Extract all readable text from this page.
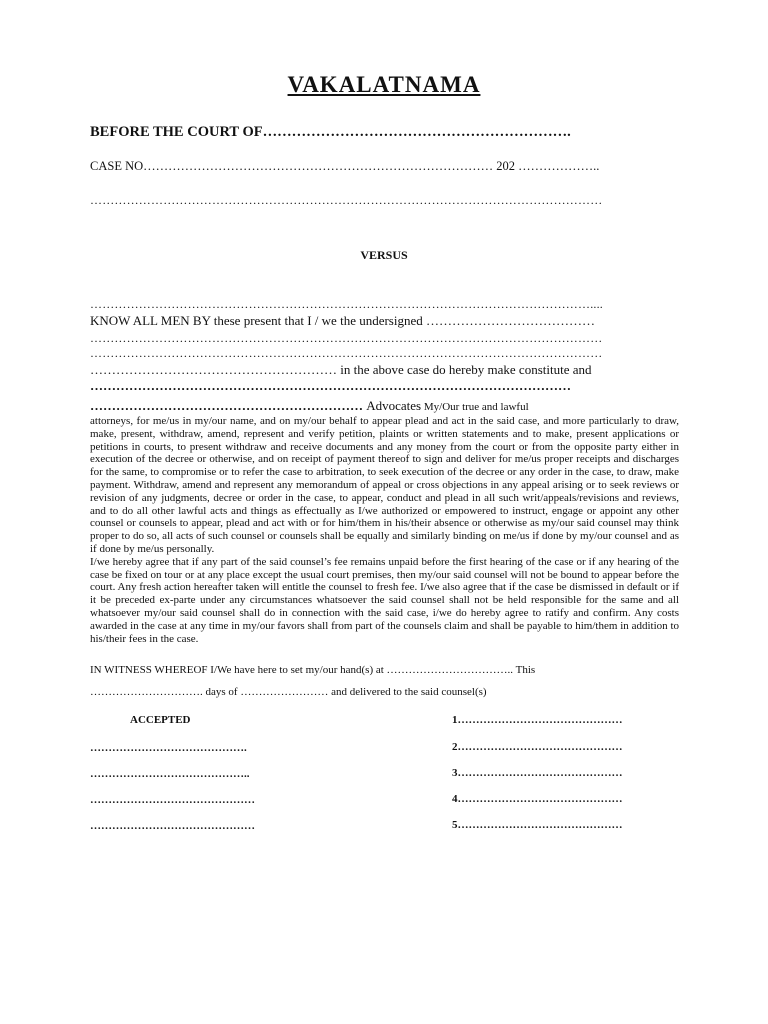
VAKALATNAMA
BEFORE THE COURT OF……………………………………………………….
CASE NO………………………………………………………………………… 202 ………………..
………………………………………………………………………………………………………………
VERSUS
……………………………………………………………………………………………………………....
KNOW ALL MEN BY these present that I / we the undersigned …………………………………
………………………………………………………………………………………………………………
………………………………………………………………………………………………………………
………………………………………………… in the above case do hereby make constitute and
…………………………………………………………………………………………………
……………………………………………………… Advocates My/Our true and lawful

attorneys, for me/us in my/our name, and on my/our behalf to appear plead and act in the said case, and more particularly to draw, make, present, withdraw, amend, represent and verify petition, plaints or written statements and to make, present applications or petitions in courts, to present withdraw and receive documents and any money from the court or from the opposite party either in execution of the decree or otherwise, and on receipt of payment thereof to sign and deliver for me/us proper receipts and discharges for the same, to compromise or to refer the case to arbitration, to seek execution of the decree or any order in the case, to draw, make payment. Withdraw, amend and represent any memorandum of appeal or cross objections in any appeal arising or to seek reviews or revision of any judgments, decree or order in the case, to appear, conduct and plead in all such writ/appeals/revisions and reviews, and to do all other lawful acts and things as effectually as I/we authorized or empowered to instruct, engage or appoint any other counsel or counsels to appear, plead and act with or for him/them in his/their absence or otherwise as my/our said counsel may think proper to do so, all acts of such counsel or counsels shall be equally and similarly binding on me/us if done by my/our counsel and as if done by me/us personally.

I/we hereby agree that if any part of the said counsel’s fee remains unpaid before the first hearing of the case or if any hearing of the case be fixed on tour or at any place except the usual court premises, then my/our said counsel will not be bound to appear before the court. Any fresh action hereafter taken will entitle the counsel to fresh fee. I/we also agree that if the case be dismissed in default or if it be preceded ex-parte under any circumstances whatsoever the said counsel shall not be held responsible for the same and all whatsoever my/our said counsel shall do in connection with the said case, i/we do hereby agree to ratify and confirm. Any costs awarded in the case at any time in my/our favors shall from part of the counsels claim and shall be payable to him/them in addition to his/their fees in the case.

IN WITNESS WHEREOF I/We have here to set my/our hand(s) at …………………………….. This
…………………………. days of …………………… and delivered to the said counsel(s)
ACCEPTED
…………………………………….
……………………………………..
………………………………………
………………………………………
1………………………………………
2………………………………………
3………………………………………
4………………………………………
5………………………………………
